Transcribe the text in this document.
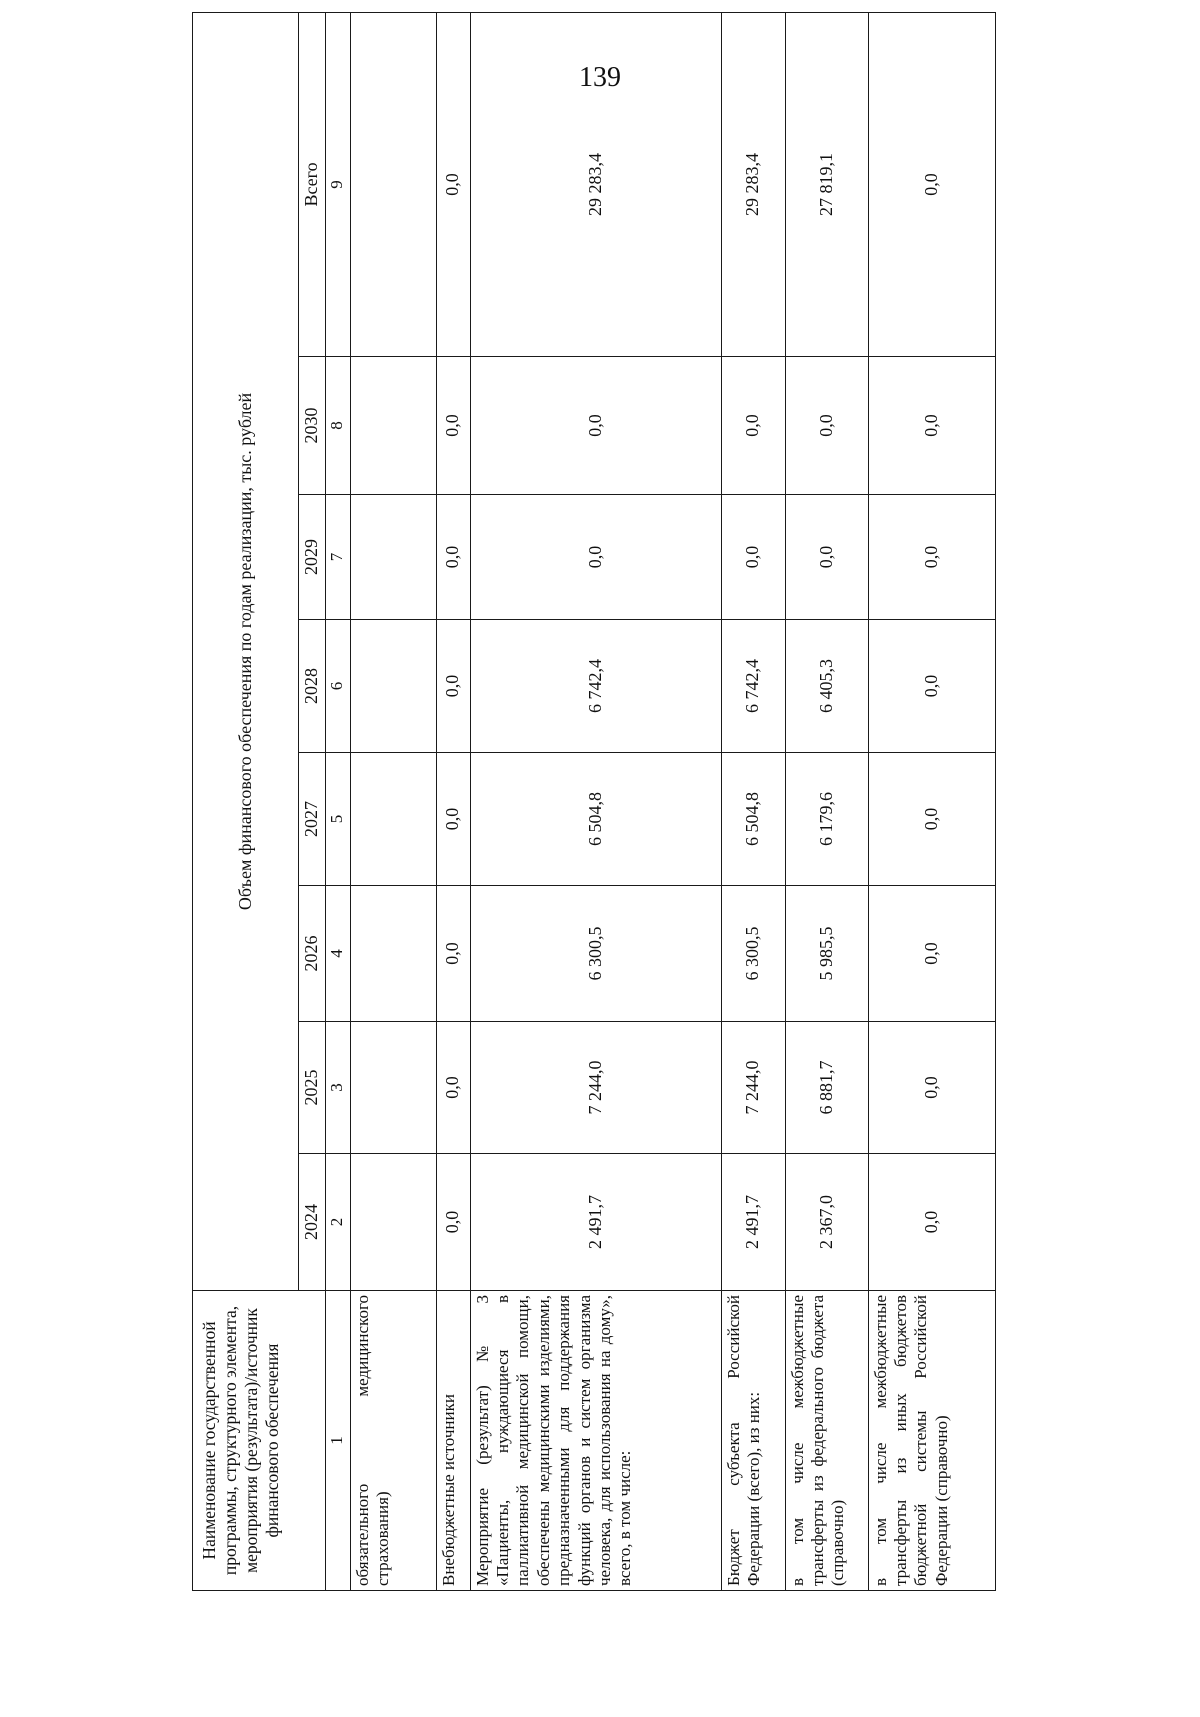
139
Наименование государственной программы, структурного элемента, мероприятия (результата)/источник финансового обеспечения	Объем финансового обеспечения по годам реализации, тыс. рублей							
	2024	2025	2026	2027	2028	2029	2030	Всего
1	2	3	4	5	6	7	8	9
обязательного медицинского страхования)								
Внебюджетные источники	0,0	0,0	0,0	0,0	0,0	0,0	0,0	0,0
Мероприятие (результат) № 3 «Пациенты, нуждающиеся в паллиативной медицинской помощи, обеспечены медицинскими изделиями, предназначенными для поддержания функций органов и систем организма человека, для использования на дому», всего, в том числе:	2 491,7	7 244,0	6 300,5	6 504,8	6 742,4	0,0	0,0	29 283,4
Бюджет субъекта Российской Федерации (всего), из них:	2 491,7	7 244,0	6 300,5	6 504,8	6 742,4	0,0	0,0	29 283,4
в том числе межбюджетные трансферты из федерального бюджета (справочно)	2 367,0	6 881,7	5 985,5	6 179,6	6 405,3	0,0	0,0	27 819,1
в том числе межбюджетные трансферты из иных бюджетов бюджетной системы Российской Федерации (справочно)	0,0	0,0	0,0	0,0	0,0	0,0	0,0	0,0
